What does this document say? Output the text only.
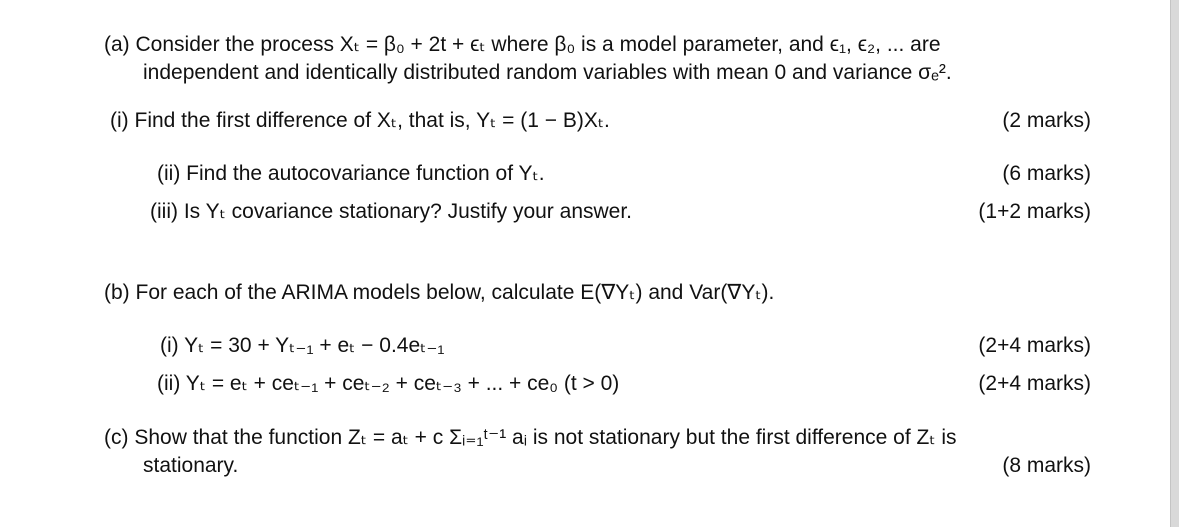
(a) Consider the process Xₜ = β₀ + 2t + ϵₜ where β₀ is a model parameter, and ϵ₁, ϵ₂, ... are
independent and identically distributed random variables with mean 0 and variance σₑ².
(i) Find the first difference of Xₜ, that is, Yₜ = (1 − B)Xₜ.	(2 marks)
(ii) Find the autocovariance function of Yₜ.	(6 marks)
(iii) Is Yₜ covariance stationary? Justify your answer.	(1+2 marks)
(b) For each of the ARIMA models below, calculate E(∇Yₜ) and Var(∇Yₜ).
(i) Yₜ = 30 + Yₜ₋₁ + eₜ − 0.4eₜ₋₁	(2+4 marks)
(ii) Yₜ = eₜ + ceₜ₋₁ + ceₜ₋₂ + ceₜ₋₃ + ... + ce₀ (t > 0)	(2+4 marks)
(c) Show that the function Zₜ = aₜ + c Σᵢ₌₁ᵗ⁻¹ aᵢ is not stationary but the first difference of Zₜ is
stationary.	(8 marks)
